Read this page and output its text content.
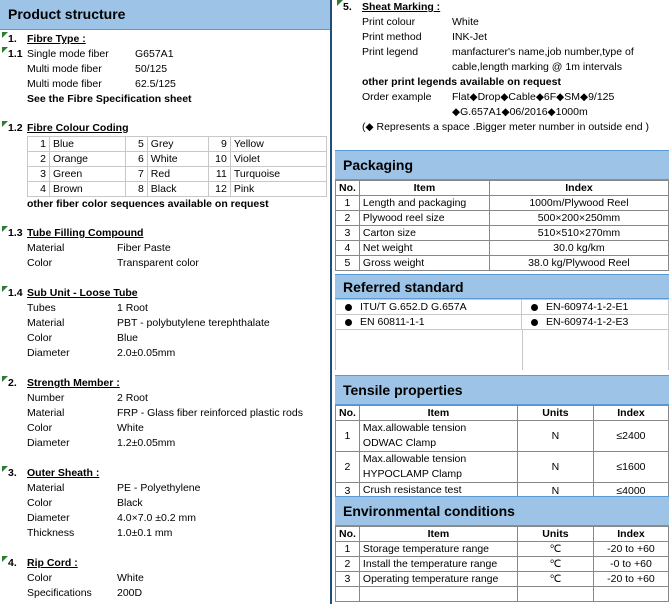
Product structure
1. Fibre Type :
1.1 Single mode fiber	G657A1
Multi mode fiber	50/125
Multi mode fiber	62.5/125
See the Fibre Specification sheet
1.2 Fibre Colour Coding
1	Blue	5	Grey	9	Yellow
2	Orange	6	White	10	Violet
3	Green	7	Red	11	Turquoise
4	Brown	8	Black	12	Pink
other fiber color sequences available on request
1.3 Tube Filling Compound
Material	Fiber Paste
Color	Transparent color
1.4 Sub Unit - Loose Tube
Tubes	1 Root
Material	PBT - polybutylene terephthalate
Color	Blue
Diameter	2.0±0.05mm
2. Strength Member :
Number	2 Root
Material	FRP - Glass fiber reinforced plastic rods
Color	White
Diameter	1.2±0.05mm
3. Outer Sheath :
Material	PE - Polyethylene
Color	Black
Diameter	4.0×7.0 ±0.2 mm
Thickness	1.0±0.1 mm
4. Rip Cord :
Color	White
Specifications 200D
5. Sheat Marking :
Print colour	White
Print method	INK-Jet
Print legend	manfacturer's name,job number,type of
cable,length marking @ 1m intervals
other print legends available on request
Order example Flat◆Drop◆Cable◆6F◆SM◆9/125
◆G.657A1◆06/2016◆1000m
(◆ Represents a space .Bigger meter number in outside end )
Packaging
No.	Item	Index
1	Length and packaging	1000m/Plywood Reel
2	Plywood reel size	500×200×250mm
3	Carton size	510×510×270mm
4	Net weight	30.0 kg/km
5	Gross weight	38.0 kg/Plywood Reel
Referred standard
ITU/T G.652.D G.657A	EN-60974-1-2-E1
EN 60811-1-1	EN-60974-1-2-E3
Tensile properties
No.	Item	Units	Index
1	Max.allowable tension
ODWAC Clamp	N	≤2400
2	Max.allowable tension
HYPOCLAMP Clamp	N	≤1600
3	Crush resistance test	N	≤4000
Environmental conditions
No.	Item	Units	Index
1	Storage temperature range	℃	-20 to +60
2	Install the temperature range	℃	-0 to +60
3	Operating temperature range	℃	-20 to +60
